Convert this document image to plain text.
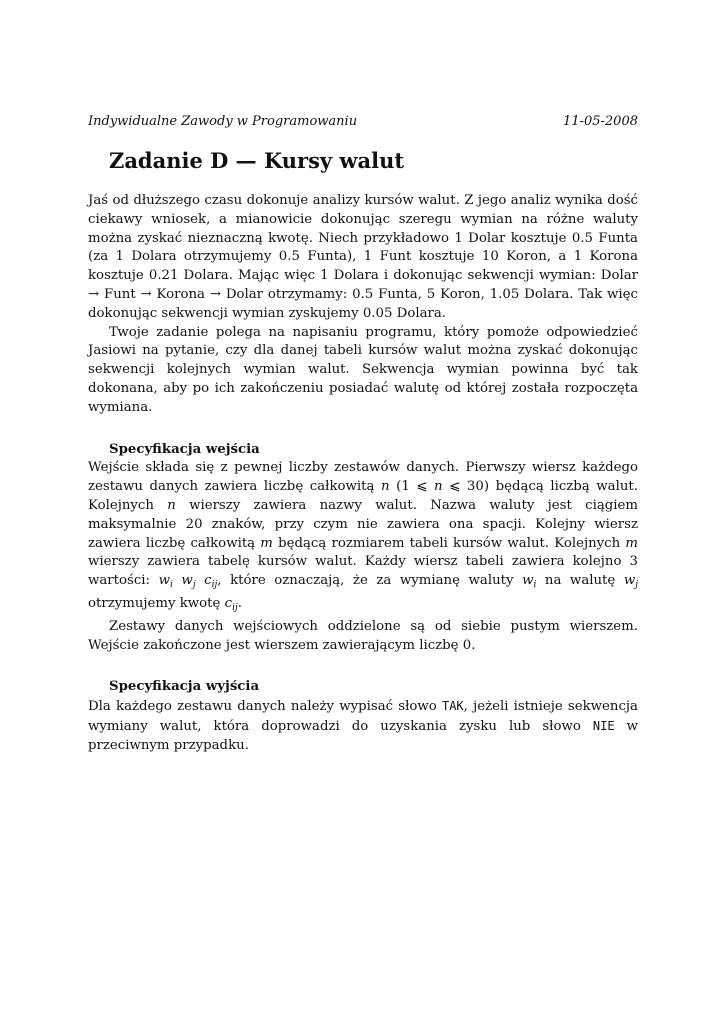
Indywidualne Zawody w Programowaniu	11-05-2008
Zadanie D — Kursy walut

Jaś od dłuższego czasu dokonuje analizy kursów walut. Z jego analiz wynika dość ciekawy wniosek, a mianowicie dokonując szeregu wymian na różne waluty można zyskać nieznaczną kwotę. Niech przykładowo 1 Dolar kosztuje 0.5 Funta (za 1 Dolara otrzymujemy 0.5 Funta), 1 Funt kosztuje 10 Koron, a 1 Korona kosztuje 0.21 Dolara. Mając więc 1 Dolara i dokonując sekwencji wymian: Dolar → Funt → Korona → Dolar otrzymamy: 0.5 Funta, 5 Koron, 1.05 Dolara. Tak więc dokonując sekwencji wymian zyskujemy 0.05 Dolara.

Twoje zadanie polega na napisaniu programu, który pomoże odpowiedzieć Jasiowi na pytanie, czy dla danej tabeli kursów walut można zyskać dokonując sekwencji kolejnych wymian walut. Sekwencja wymian powinna być tak dokonana, aby po ich zakończeniu posiadać walutę od której została rozpoczęta wymiana.

Specyfikacja wejścia

Wejście składa się z pewnej liczby zestawów danych. Pierwszy wiersz każdego zestawu danych zawiera liczbę całkowitą n (1 ⩽ n ⩽ 30) będącą liczbą walut. Kolejnych n wierszy zawiera nazwy walut. Nazwa waluty jest ciągiem maksymalnie 20 znaków, przy czym nie zawiera ona spacji. Kolejny wiersz zawiera liczbę całkowitą m będącą rozmiarem tabeli kursów walut. Kolejnych m wierszy zawiera tabelę kursów walut. Każdy wiersz tabeli zawiera kolejno 3 wartości: $w_i$ $w_j$ $c_{ij}$, które oznaczają, że za wymianę waluty $w_i$ na walutę $w_j$ otrzymujemy kwotę $c_{ij}$.

Zestawy danych wejściowych oddzielone są od siebie pustym wierszem. Wejście zakończone jest wierszem zawierającym liczbę 0.

Specyfikacja wyjścia

Dla każdego zestawu danych należy wypisać słowo TAK, jeżeli istnieje sekwencja wymiany walut, która doprowadzi do uzyskania zysku lub słowo NIE w przeciwnym przypadku.
